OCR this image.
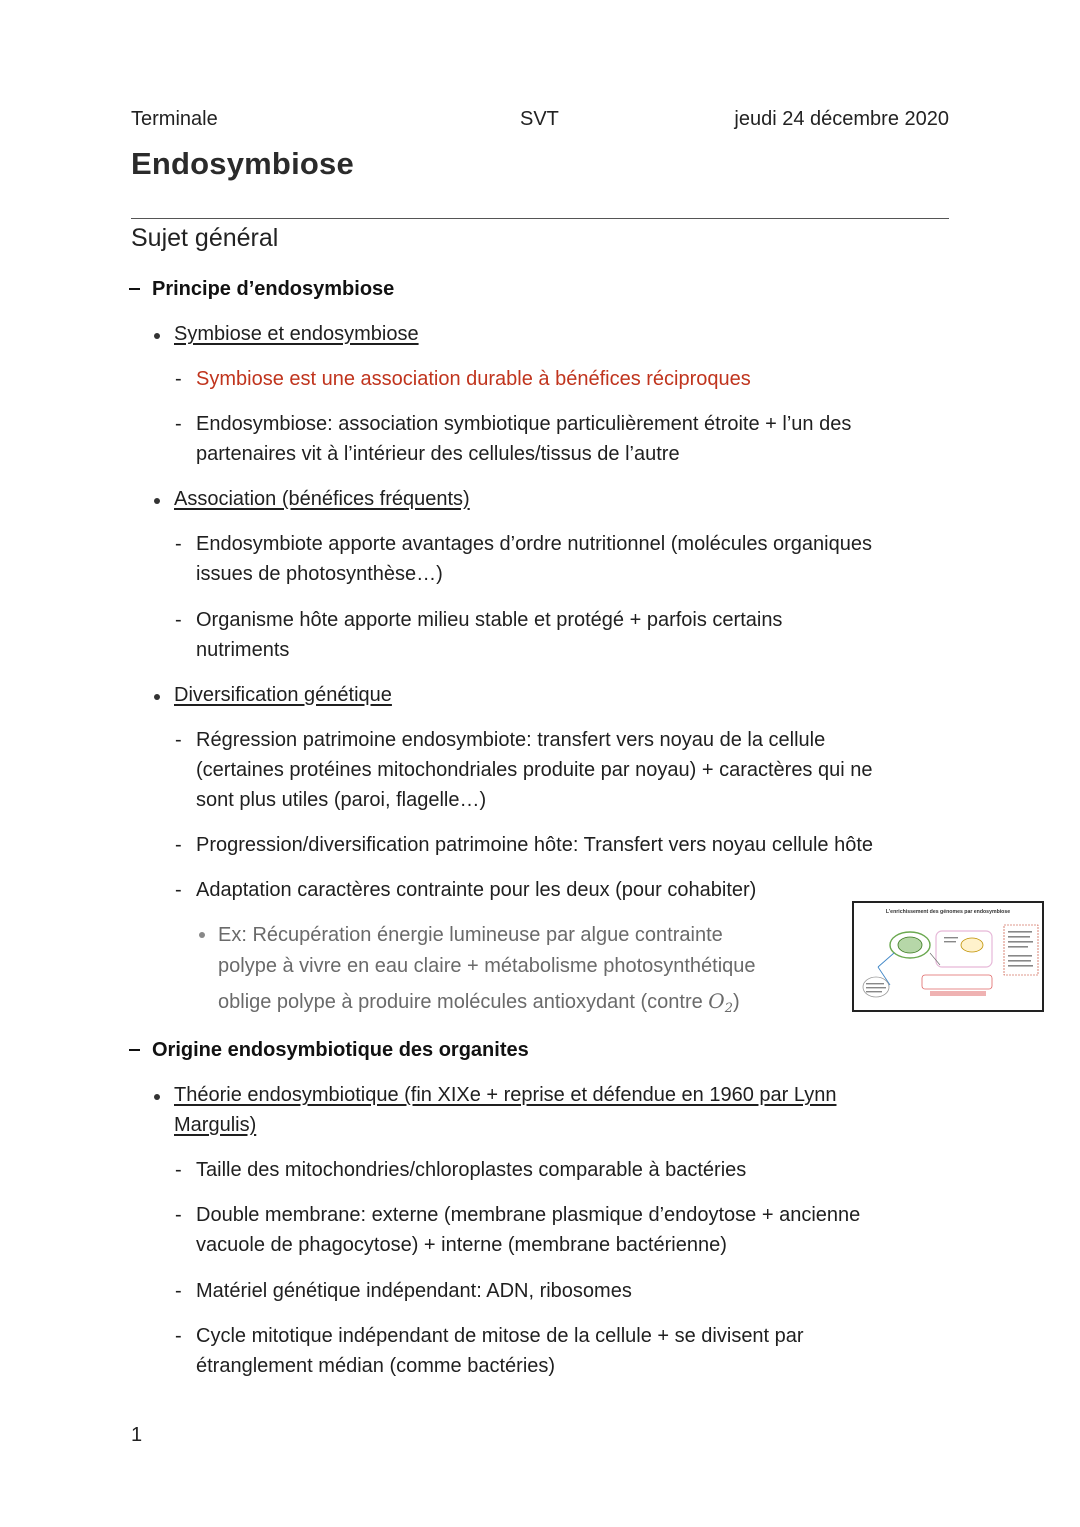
Terminale	SVT	jeudi 24 décembre 2020
Endosymbiose
Sujet général
Principe d’endosymbiose
Symbiose et endosymbiose
- Symbiose est une association durable à bénéfices réciproques
- Endosymbiose: association symbiotique particulièrement étroite + l’un des
partenaires vit à l’intérieur des cellules/tissus de l’autre
Association (bénéfices fréquents)
- Endosymbiote apporte avantages d’ordre nutritionnel (molécules organiques
issues de photosynthèse…)
- Organisme hôte apporte milieu stable et protégé + parfois certains
nutriments
Diversification génétique
- Régression patrimoine endosymbiote: transfert vers noyau de la cellule
(certaines protéines mitochondriales produite par noyau) + caractères qui ne
sont plus utiles (paroi, flagelle…)
- Progression/diversification patrimoine hôte: Transfert vers noyau cellule hôte
- Adaptation caractères contrainte pour les deux (pour cohabiter)
Ex: Récupération énergie lumineuse par algue contrainte
polype à vivre en eau claire + métabolisme photosynthétique
oblige polype à produire molécules antioxydant (contre $O_2$)
L’enrichissement des génomes par endosymbiose
Origine endosymbiotique des organites
Théorie endosymbiotique (fin XIXe + reprise et défendue en 1960 par Lynn
Margulis)
- Taille des mitochondries/chloroplastes comparable à bactéries
- Double membrane: externe (membrane plasmique d’endoytose + ancienne
vacuole de phagocytose) + interne (membrane bactérienne)
- Matériel génétique indépendant: ADN, ribosomes
- Cycle mitotique indépendant de mitose de la cellule + se divisent par
étranglement médian (comme bactéries)
1
